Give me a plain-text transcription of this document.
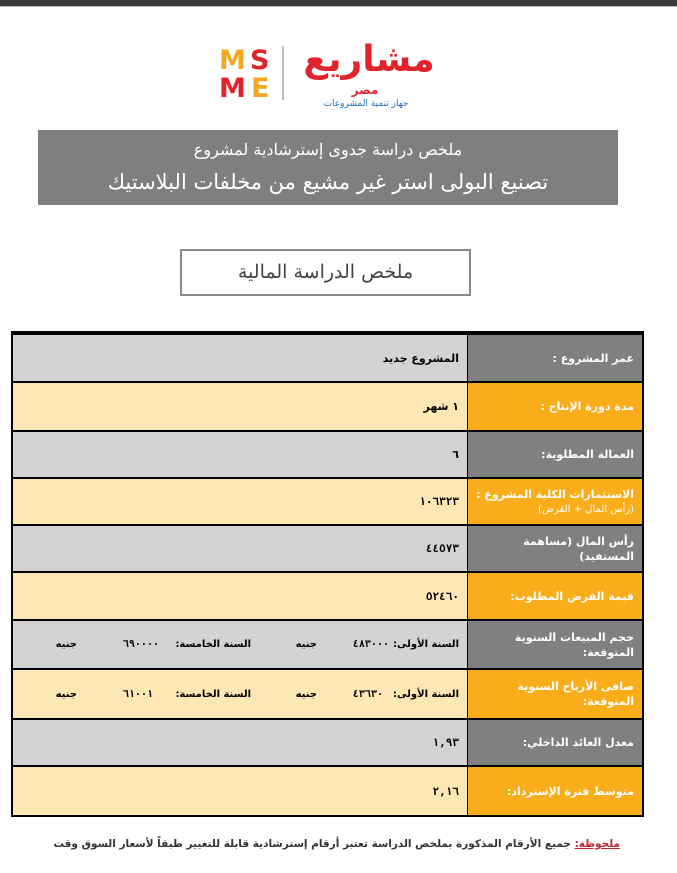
M S
M E
مشاريع
مصر
جهاز تنمية المشروعات
ملخص دراسة جدوى إسترشادية لمشروع
تصنيع البولى استر غير مشيع من مخلفات البلاستيك
ملخص الدراسة المالية
عمر المشروع :
المشروع جديد
مدة دورة الإنتاج :
١ شهر
العمالة المطلوبة:
٦
الاستثمارات الكلية المشروع :
(رأس المال + القرض)
١٠٦٣٢٣
رأس المال (مساهمة المستفيد)
٤٤٥٧٣
قيمة القرض المطلوب:
٥٢٤٦٠
حجم المبيعات السنوية المتوقعة:
السنة الأولى:
٤٨٣٠٠٠
جنيه
السنة الخامسة:
٦٩٠٠٠٠
جنيه
صافى الأرباح السنوية المتوقعة:
السنة الأولى:
٤٣٦٣٠
جنيه
السنة الخامسة:
٦١٠٠١
جنيه
معدل العائد الداخلي:
١,٩٣
متوسط فترة الإسترداد:
٢,١٦
ملحوظة: جميع الأرقام المذكورة بملخص الدراسة تعتبر أرقام إسترشادية قابلة للتغيير طبقاً لأسعار السوق وقت
